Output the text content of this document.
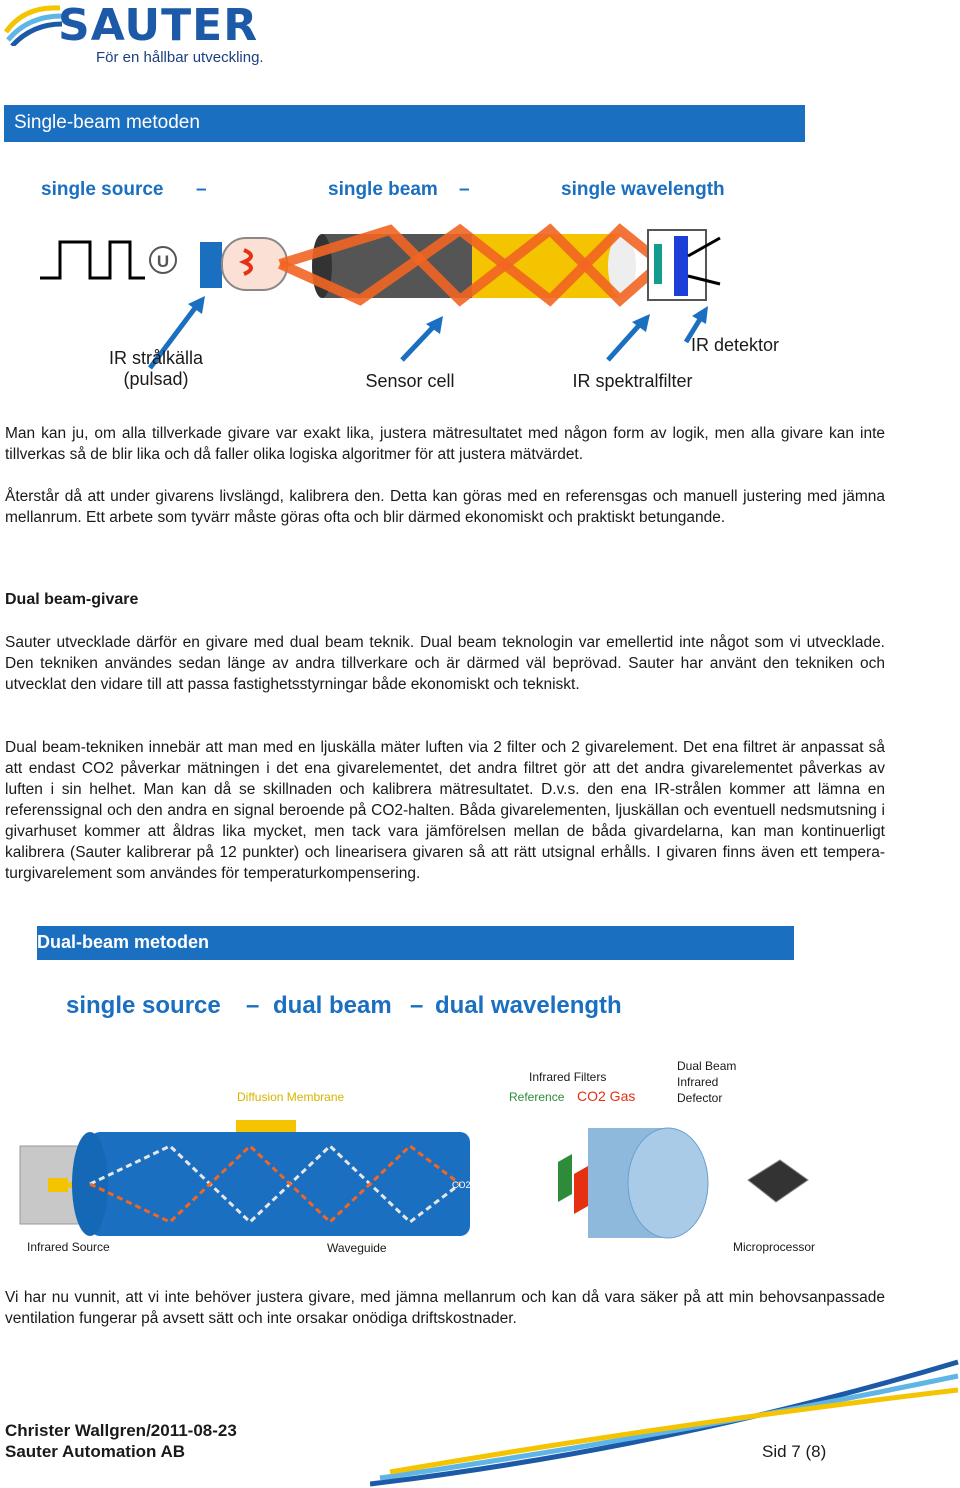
SAUTER
För en hållbar utveckling.
Single-beam metoden
single source –	single beam –	single wavelength
U
IR strålkälla
(pulsad)	Sensor cell	IR spektralfilter
IR detektor
Man kan ju, om alla tillverkade givare var exakt lika, justera mätresultatet med någon form av logik, men alla givare kan inte tillverkas så de blir lika och då faller olika logiska algoritmer för att justera mätvärdet.
Återstår då att under givarens livslängd, kalibrera den. Detta kan göras med en referensgas och manuell justering med jämna mellanrum. Ett arbete som tyvärr måste göras ofta och blir därmed ekonomiskt och praktiskt betungande.
Dual beam-givare
Sauter utvecklade därför en givare med dual beam teknik. Dual beam teknologin var emellertid inte något som vi utvecklade. Den tekniken användes sedan länge av andra tillverkare och är därmed väl beprövad. Sauter har använt den tekniken och utvecklat den vidare till att passa fastighetsstyrningar både ekonomiskt och tekniskt.
Dual beam-tekniken innebär att man med en ljuskälla mäter luften via 2 filter och 2 givarelement. Det ena filtret är anpassat så att endast CO2 påverkar mätningen i det ena givarelementet, det andra filtret gör att det andra givarelementet påverkas av luften i sin helhet. Man kan då se skillnaden och kalibrera mätresultatet. D.v.s. den ena IR-strålen kommer att lämna en referenssignal och den andra en signal beroende på CO2-halten. Båda givarelementen, ljuskällan och eventuell nedsmutsning i givarhuset kommer att åldras lika mycket, men tack vara jämförelsen mellan de båda givardelarna, kan man kontinuerligt kalibrera (Sauter kalibrerar på 12 punkter) och linearisera givaren så att rätt utsignal erhålls. I givaren finns även ett tempera-turgivarelement som användes för temperaturkompensering.
Dual-beam metoden
single source – dual beam – dual wavelength
CO2
Diffusion Membrane
Infrared Filters
Reference CO2 Gas
Dual Beam
Infrared
Defector
Infrared Source	Waveguide	Microprocessor
Vi har nu vunnit, att vi inte behöver justera givare, med jämna mellanrum och kan då vara säker på att min behovsanpassade ventilation fungerar på avsett sätt och inte orsakar onödiga driftskostnader.
Christer Wallgren/2011-08-23
Sauter Automation AB	Sid 7 (8)
